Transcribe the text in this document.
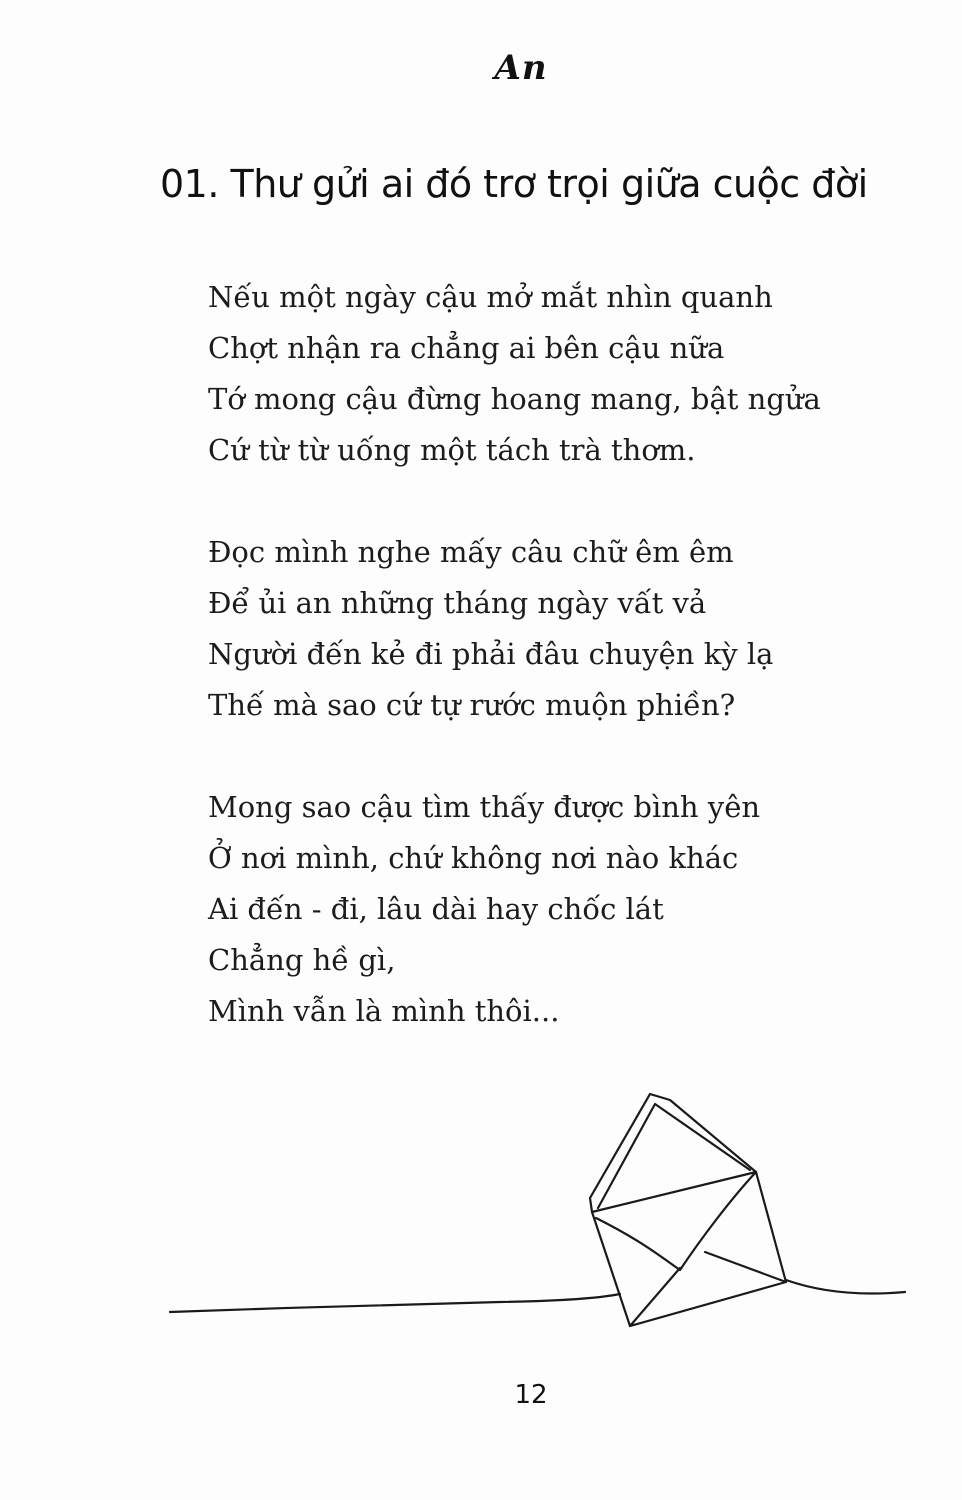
An
01. Thư gửi ai đó trơ trọi giữa cuộc đời
Nếu một ngày cậu mở mắt nhìn quanh
Chợt nhận ra chẳng ai bên cậu nữa
Tớ mong cậu đừng hoang mang, bật ngửa
Cứ từ từ uống một tách trà thơm.
Đọc mình nghe mấy câu chữ êm êm
Để ủi an những tháng ngày vất vả
Người đến kẻ đi phải đâu chuyện kỳ lạ
Thế mà sao cứ tự rước muộn phiền?
Mong sao cậu tìm thấy được bình yên
Ở nơi mình, chứ không nơi nào khác
Ai đến - đi, lâu dài hay chốc lát
Chẳng hề gì,
Mình vẫn là mình thôi...
12
